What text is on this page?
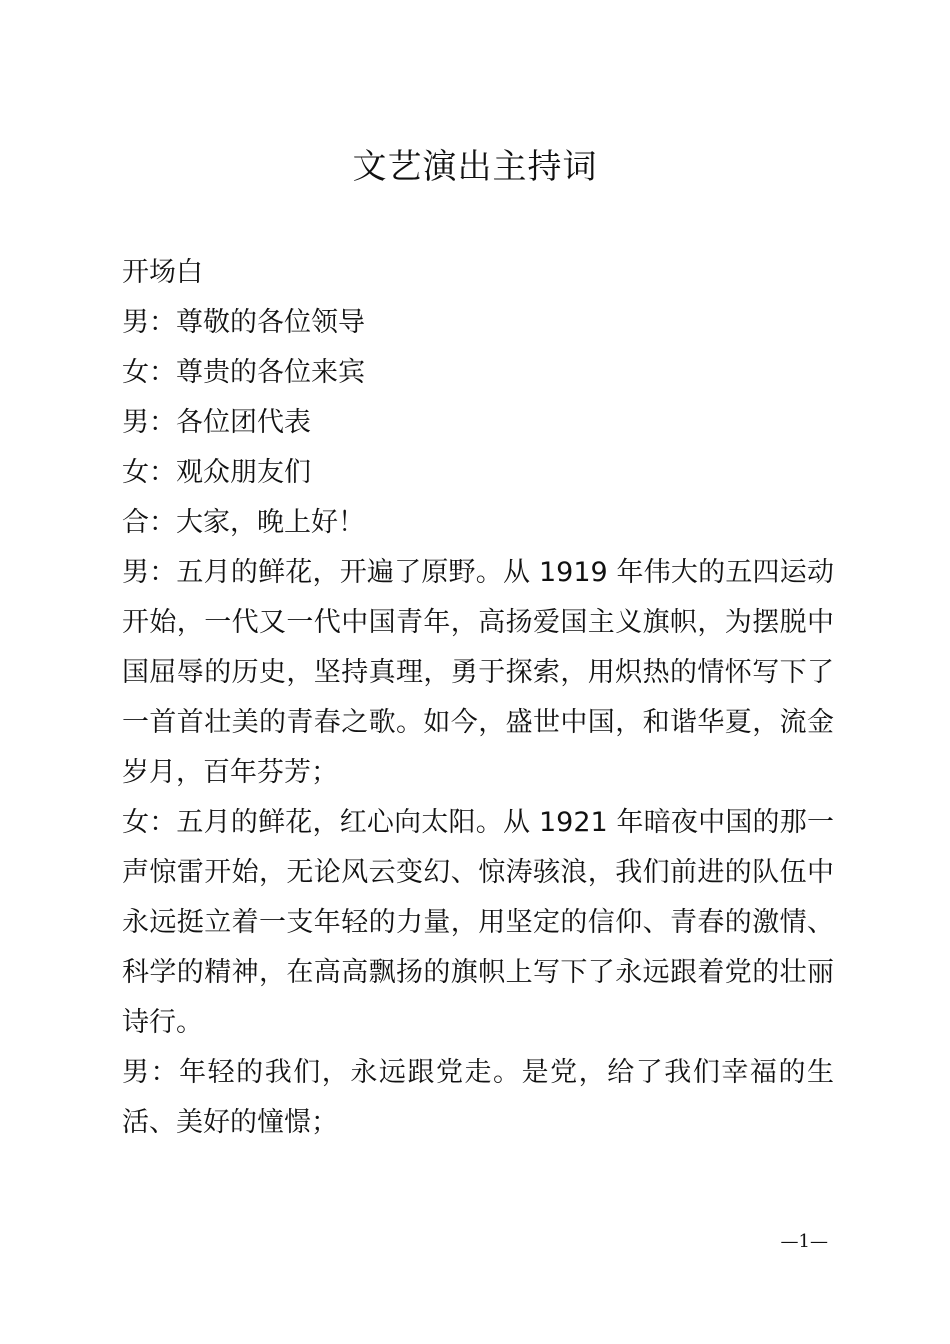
文艺演出主持词

开场白

男：尊敬的各位领导

女：尊贵的各位来宾

男：各位团代表

女：观众朋友们

合：大家，晚上好！

男：五月的鲜花，开遍了原野。从 1919 年伟大的五四运动开始，一代又一代中国青年，高扬爱国主义旗帜，为摆脱中国屈辱的历史，坚持真理，勇于探索，用炽热的情怀写下了一首首壮美的青春之歌。如今，盛世中国，和谐华夏，流金岁月，百年芬芳；

女：五月的鲜花，红心向太阳。从 1921 年暗夜中国的那一声惊雷开始，无论风云变幻、惊涛骇浪，我们前进的队伍中永远挺立着一支年轻的力量，用坚定的信仰、青春的激情、科学的精神，在高高飘扬的旗帜上写下了永远跟着党的壮丽诗行。

男：年轻的我们，永远跟党走。是党，给了我们幸福的生活、美好的憧憬；

—1—
